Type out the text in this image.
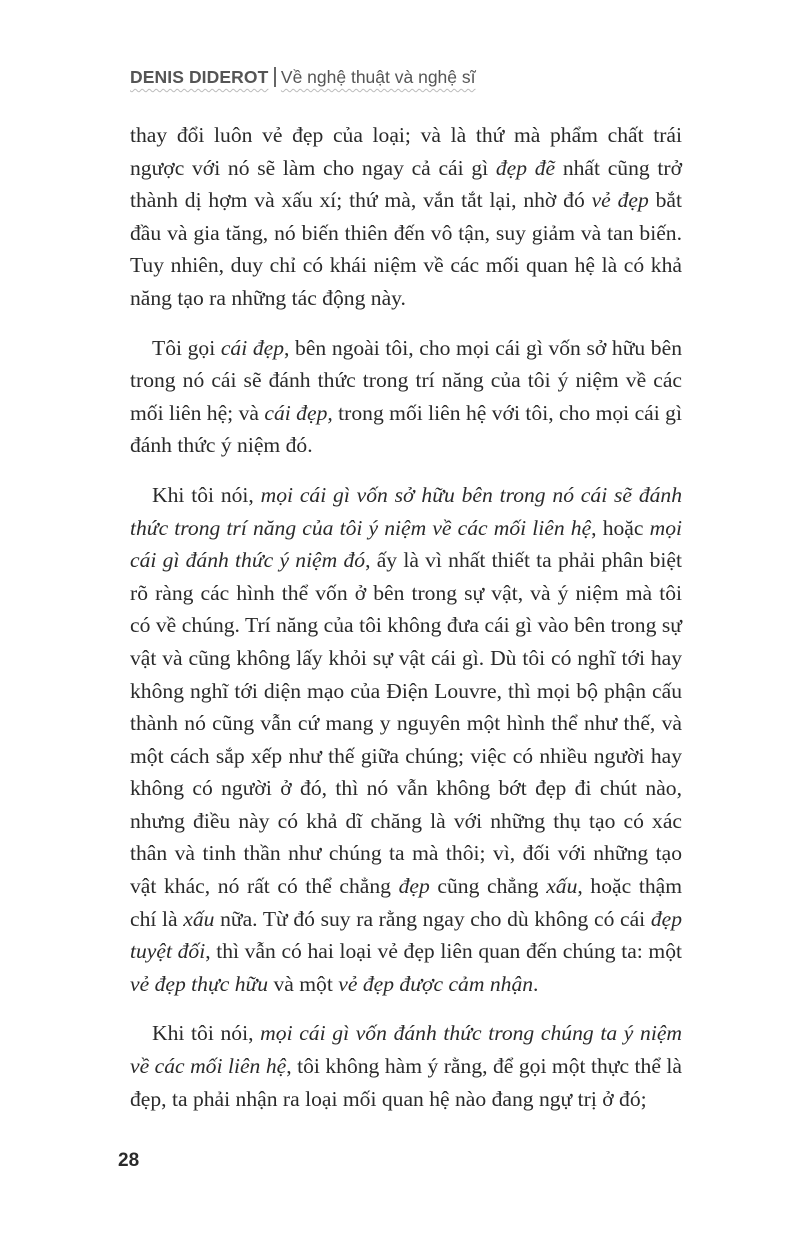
DENIS DIDEROT Về nghệ thuật và nghệ sĩ

thay đổi luôn vẻ đẹp của loại; và là thứ mà phẩm chất trái ngược với nó sẽ làm cho ngay cả cái gì đẹp đẽ nhất cũng trở thành dị hợm và xấu xí; thứ mà, vắn tắt lại, nhờ đó vẻ đẹp bắt đầu và gia tăng, nó biến thiên đến vô tận, suy giảm và tan biến. Tuy nhiên, duy chỉ có khái niệm về các mối quan hệ là có khả năng tạo ra những tác động này.

Tôi gọi cái đẹp, bên ngoài tôi, cho mọi cái gì vốn sở hữu bên trong nó cái sẽ đánh thức trong trí năng của tôi ý niệm về các mối liên hệ; và cái đẹp, trong mối liên hệ với tôi, cho mọi cái gì đánh thức ý niệm đó.

Khi tôi nói, mọi cái gì vốn sở hữu bên trong nó cái sẽ đánh thức trong trí năng của tôi ý niệm về các mối liên hệ, hoặc mọi cái gì đánh thức ý niệm đó, ấy là vì nhất thiết ta phải phân biệt rõ ràng các hình thể vốn ở bên trong sự vật, và ý niệm mà tôi có về chúng. Trí năng của tôi không đưa cái gì vào bên trong sự vật và cũng không lấy khỏi sự vật cái gì. Dù tôi có nghĩ tới hay không nghĩ tới diện mạo của Điện Louvre, thì mọi bộ phận cấu thành nó cũng vẫn cứ mang y nguyên một hình thể như thế, và một cách sắp xếp như thế giữa chúng; việc có nhiều người hay không có người ở đó, thì nó vẫn không bớt đẹp đi chút nào, nhưng điều này có khả dĩ chăng là với những thụ tạo có xác thân và tinh thần như chúng ta mà thôi; vì, đối với những tạo vật khác, nó rất có thể chẳng đẹp cũng chẳng xấu, hoặc thậm chí là xấu nữa. Từ đó suy ra rằng ngay cho dù không có cái đẹp tuyệt đối, thì vẫn có hai loại vẻ đẹp liên quan đến chúng ta: một vẻ đẹp thực hữu và một vẻ đẹp được cảm nhận.

Khi tôi nói, mọi cái gì vốn đánh thức trong chúng ta ý niệm về các mối liên hệ, tôi không hàm ý rằng, để gọi một thực thể là đẹp, ta phải nhận ra loại mối quan hệ nào đang ngự trị ở đó;

28
